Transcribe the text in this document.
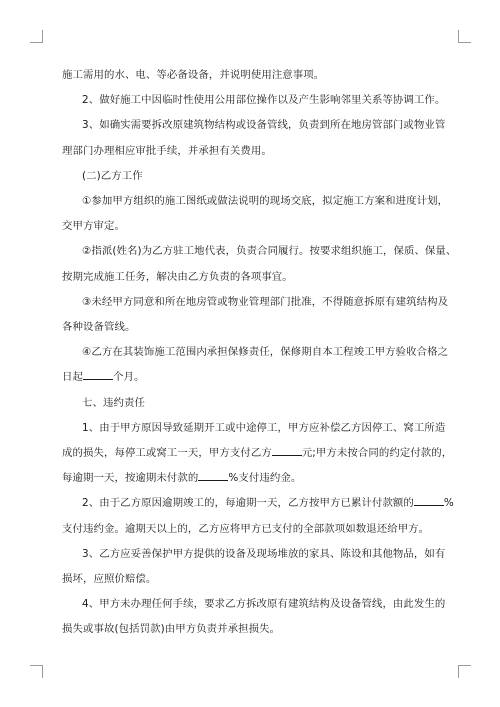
施工需用的水、电、等必备设备，并说明使用注意事项。

2、做好施工中因临时性使用公用部位操作以及产生影响邻里关系等协调工作。

3、如确实需要拆改原建筑物结构或设备管线，负责到所在地房管部门或物业管

理部门办理相应审批手续，并承担有关费用。

(二)乙方工作

①参加甲方组织的施工图纸或做法说明的现场交底，拟定施工方案和进度计划，

交甲方审定。

②指派(姓名)为乙方驻工地代表，负责合同履行。按要求组织施工，保质、保量、

按期完成施工任务，解决由乙方负责的各项事宜。

③未经甲方同意和所在地房管或物业管理部门批准，不得随意拆原有建筑结构及

各种设备管线。

④乙方在其装饰施工范围内承担保修责任，保修期自本工程竣工甲方验收合格之

日起	个月。

七、违约责任

1、由于甲方原因导致延期开工或中途停工，甲方应补偿乙方因停工、窝工所造

成的损失，每停工或窝工一天，甲方支付乙方	元;甲方未按合同的约定付款的，

每逾期一天，按逾期未付款的	%支付违约金。

2、由于乙方原因逾期竣工的，每逾期一天，乙方按甲方已累计付款额的	%

支付违约金。逾期天以上的，乙方应将甲方已支付的全部款项如数退还给甲方。

3、乙方应妥善保护甲方提供的设备及现场堆放的家具、陈设和其他物品，如有

损坏，应照价赔偿。

4、甲方未办理任何手续，要求乙方拆改原有建筑结构及设备管线，由此发生的

损失或事故(包括罚款)由甲方负责并承担损失。
